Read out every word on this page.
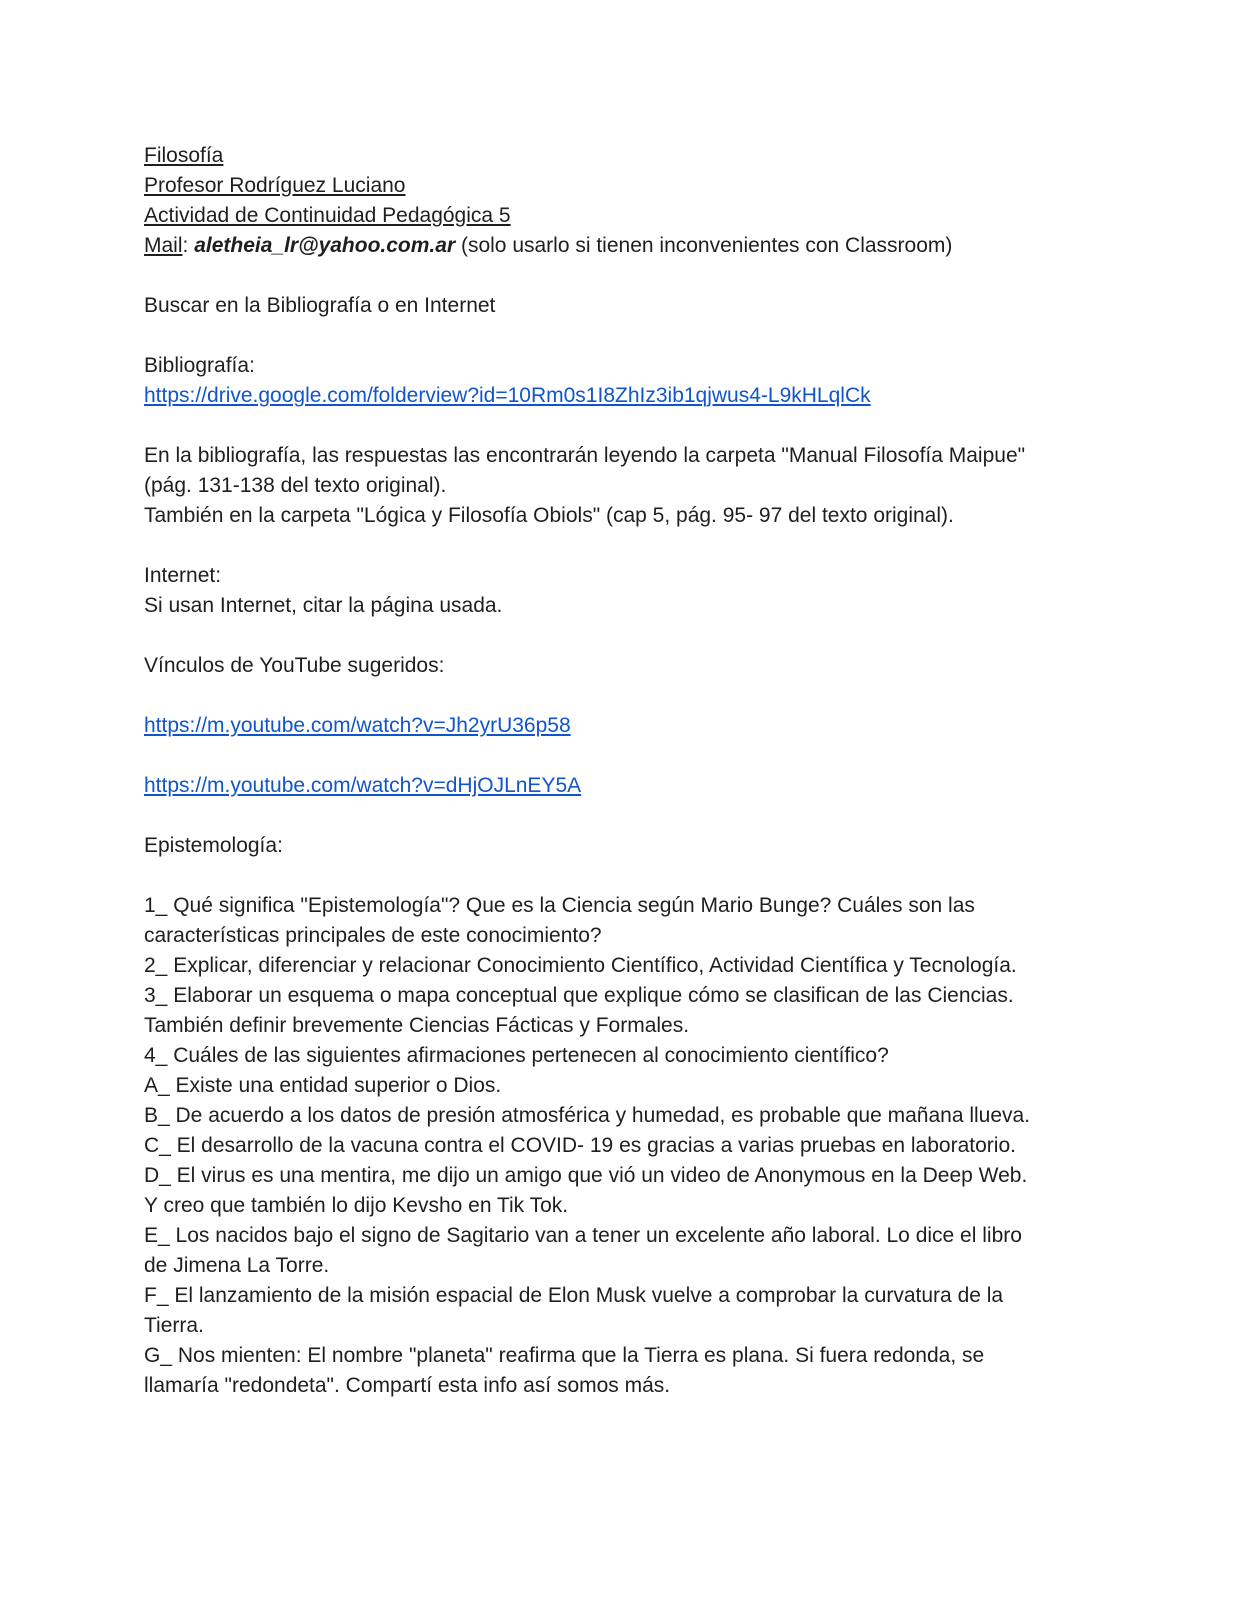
Filosofía
Profesor Rodríguez Luciano
Actividad de Continuidad Pedagógica 5
Mail: aletheia_lr@yahoo.com.ar (solo usarlo si tienen inconvenientes con Classroom)
Buscar en la Bibliografía o en Internet
Bibliografía:
https://drive.google.com/folderview?id=10Rm0s1I8ZhIz3ib1qjwus4-L9kHLqlCk
En la bibliografía, las respuestas las encontrarán leyendo la carpeta "Manual Filosofía Maipue"
(pág. 131-138 del texto original).
También en la carpeta "Lógica y Filosofía Obiols" (cap 5, pág. 95- 97 del texto original).
Internet:
Si usan Internet, citar la página usada.
Vínculos de YouTube sugeridos:
https://m.youtube.com/watch?v=Jh2yrU36p58
https://m.youtube.com/watch?v=dHjOJLnEY5A
Epistemología:
1_ Qué significa "Epistemología"? Que es la Ciencia según Mario Bunge? Cuáles son las
características principales de este conocimiento?
2_ Explicar, diferenciar y relacionar Conocimiento Científico, Actividad Científica y Tecnología.
3_ Elaborar un esquema o mapa conceptual que explique cómo se clasifican de las Ciencias.
También definir brevemente Ciencias Fácticas y Formales.
4_ Cuáles de las siguientes afirmaciones pertenecen al conocimiento científico?
A_ Existe una entidad superior o Dios.
B_ De acuerdo a los datos de presión atmosférica y humedad, es probable que mañana llueva.
C_ El desarrollo de la vacuna contra el COVID- 19 es gracias a varias pruebas en laboratorio.
D_ El virus es una mentira, me dijo un amigo que vió un video de Anonymous en la Deep Web.
Y creo que también lo dijo Kevsho en Tik Tok.
E_ Los nacidos bajo el signo de Sagitario van a tener un excelente año laboral. Lo dice el libro
de Jimena La Torre.
F_ El lanzamiento de la misión espacial de Elon Musk vuelve a comprobar la curvatura de la
Tierra.
G_ Nos mienten: El nombre "planeta" reafirma que la Tierra es plana. Si fuera redonda, se
llamaría "redondeta". Compartí esta info así somos más.
